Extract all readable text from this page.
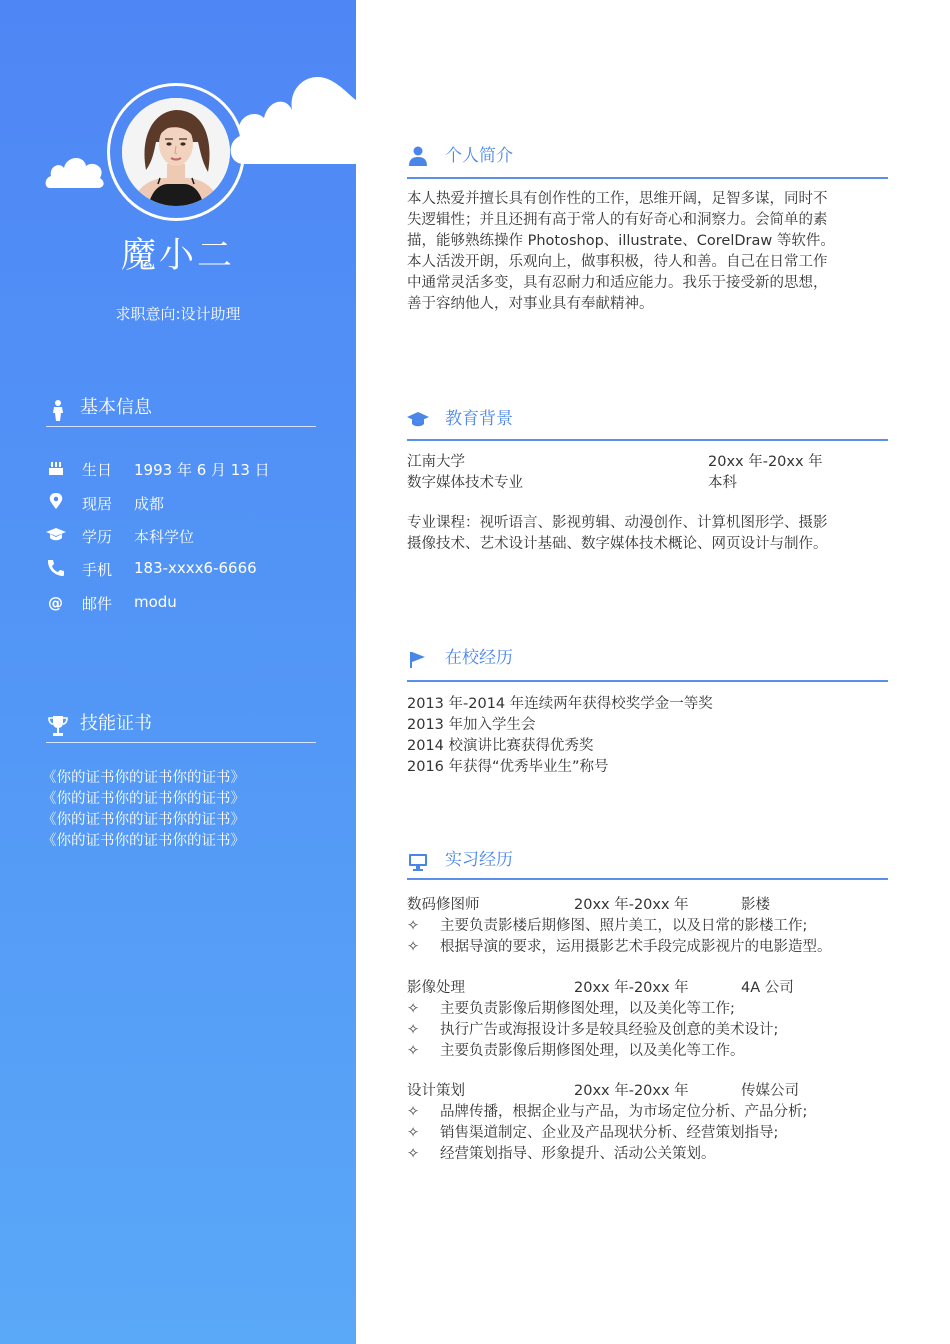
魔小二
求职意向:设计助理
基本信息
生日 1993 年 6 月 13 日
现居 成都
学历 本科学位
手机 183-xxxx6-6666
@ 邮件 modu
技能证书
《你的证书你的证书你的证书》
《你的证书你的证书你的证书》
《你的证书你的证书你的证书》
《你的证书你的证书你的证书》
个人简介
本人热爱并擅长具有创作性的工作，思维开阔，足智多谋，同时不
失逻辑性；并且还拥有高于常人的有好奇心和洞察力。会简单的素
描，能够熟练操作 Photoshop、illustrate、CorelDraw 等软件。
本人活泼开朗，乐观向上，做事积极，待人和善。自己在日常工作
中通常灵活多变，具有忍耐力和适应能力。我乐于接受新的思想，
善于容纳他人，对事业具有奉献精神。
教育背景
江南大学	20xx 年-20xx 年
数字媒体技术专业	本科
专业课程：视听语言、影视剪辑、动漫创作、计算机图形学、摄影
摄像技术、艺术设计基础、数字媒体技术概论、网页设计与制作。
在校经历
2013 年-2014 年连续两年获得校奖学金一等奖
2013 年加入学生会
2014 校演讲比赛获得优秀奖
2016 年获得“优秀毕业生”称号
实习经历
数码修图师	20xx 年-20xx 年	影楼
✧ 主要负责影楼后期修图、照片美工，以及日常的影楼工作;
✧ 根据导演的要求，运用摄影艺术手段完成影视片的电影造型。
影像处理	20xx 年-20xx 年	4A 公司
✧ 主要负责影像后期修图处理，以及美化等工作;
✧ 执行广告或海报设计多是较具经验及创意的美术设计;
✧ 主要负责影像后期修图处理，以及美化等工作。
设计策划	20xx 年-20xx 年	传媒公司
✧ 品牌传播，根据企业与产品，为市场定位分析、产品分析;
✧ 销售渠道制定、企业及产品现状分析、经营策划指导;
✧ 经营策划指导、形象提升、活动公关策划。
